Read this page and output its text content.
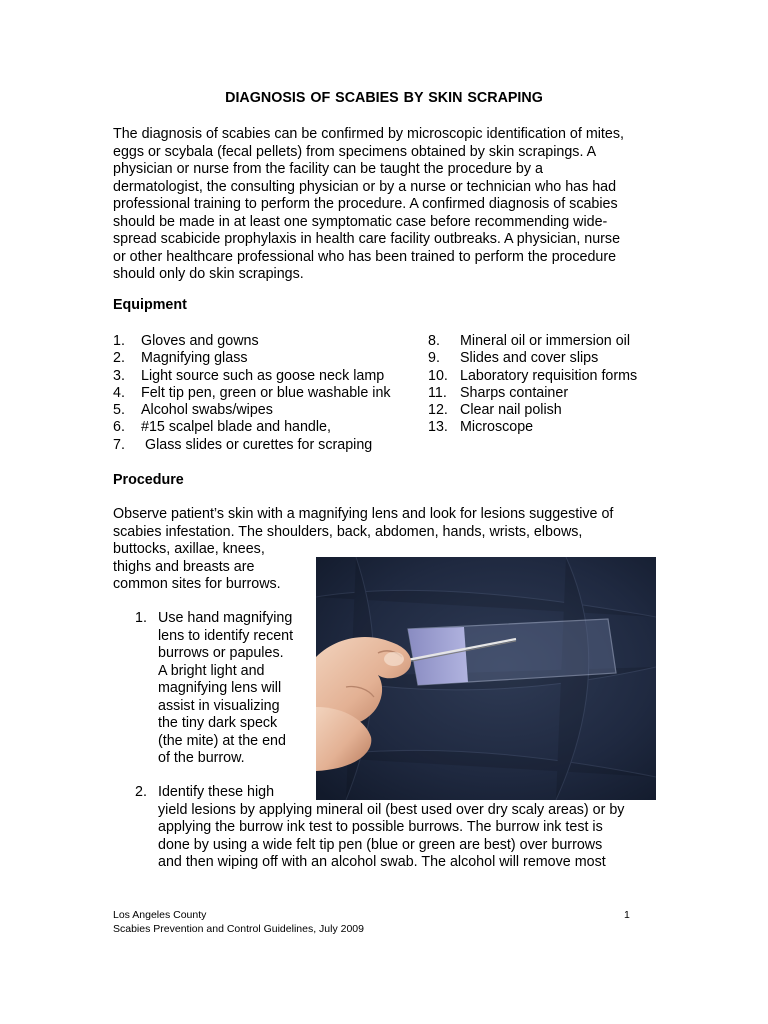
DIAGNOSIS OF SCABIES BY SKIN SCRAPING
The diagnosis of scabies can be confirmed by microscopic identification of mites,
eggs or scybala (fecal pellets) from specimens obtained by skin scrapings. A
physician or nurse from the facility can be taught the procedure by a
dermatologist, the consulting physician or by a nurse or technician who has had
professional training to perform the procedure. A confirmed diagnosis of scabies
should be made in at least one symptomatic case before recommending wide-
spread scabicide prophylaxis in health care facility outbreaks. A physician, nurse
or other healthcare professional who has been trained to perform the procedure
should only do skin scrapings.
Equipment
1.	Gloves and gowns
2.	Magnifying glass
3.	Light source such as goose neck lamp
4.	Felt tip pen, green or blue washable ink
5.	Alcohol swabs/wipes
6.	#15 scalpel blade and handle,
7.	Glass slides or curettes for scraping
8.	Mineral oil or immersion oil
9.	Slides and cover slips
10. Laboratory requisition forms
11. Sharps container
12. Clear nail polish
13. Microscope
Procedure
Observe patient’s skin with a magnifying lens and look for lesions suggestive of
scabies infestation. The shoulders, back, abdomen, hands, wrists, elbows,
buttocks, axillae, knees,
thighs and breasts are
common sites for burrows.
1. Use hand magnifying
lens to identify recent
burrows or papules.
A bright light and
magnifying lens will
assist in visualizing
the tiny dark speck
(the mite) at the end
of the burrow.
2. Identify these high
yield lesions by applying mineral oil (best used over dry scaly areas) or by
applying the burrow ink test to possible burrows. The burrow ink test is
done by using a wide felt tip pen (blue or green are best) over burrows
and then wiping off with an alcohol swab. The alcohol will remove most
Los Angeles County
Scabies Prevention and Control Guidelines, July 2009
1
